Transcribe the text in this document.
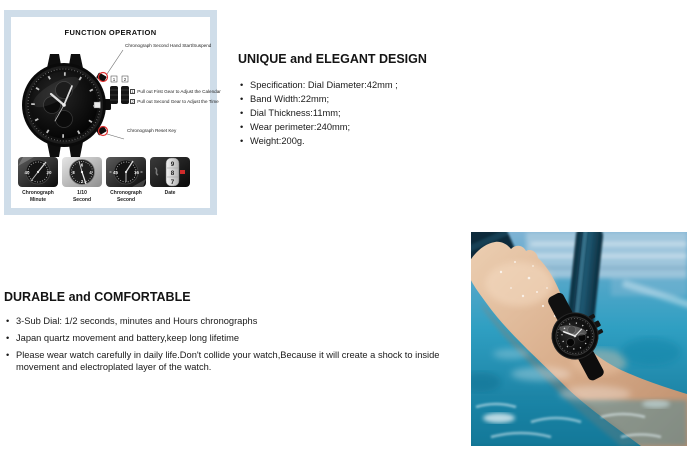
FUNCTION OPERATION
1 2
Chronograph Second Hand Start/Suspend
1 Pull out First Gear to Adjust the Calendar
2 Pull out Second Gear to Adjust the Time
Chronograph Reset Key
40	20
Chronograph
Minute
6
4
2
8
1/10
Second
45	15
Chronograph
Second
9
8
7
Date
UNIQUE and ELEGANT DESIGN
• Specification: Dial Diameter:42mm ;
• Band Width:22mm;
• Dial Thickness:11mm;
• Wear perimeter:240mm;
• Weight:200g.
DURABLE and COMFORTABLE
• 3-Sub Dial: 1/2 seconds, minutes and Hours chronographs
• Japan quartz movement and battery,keep long lifetime
• Please wear watch carefully in daily life.Don't collide your watch,Because it will create a shock to inside movement and electroplated layer of the watch.
